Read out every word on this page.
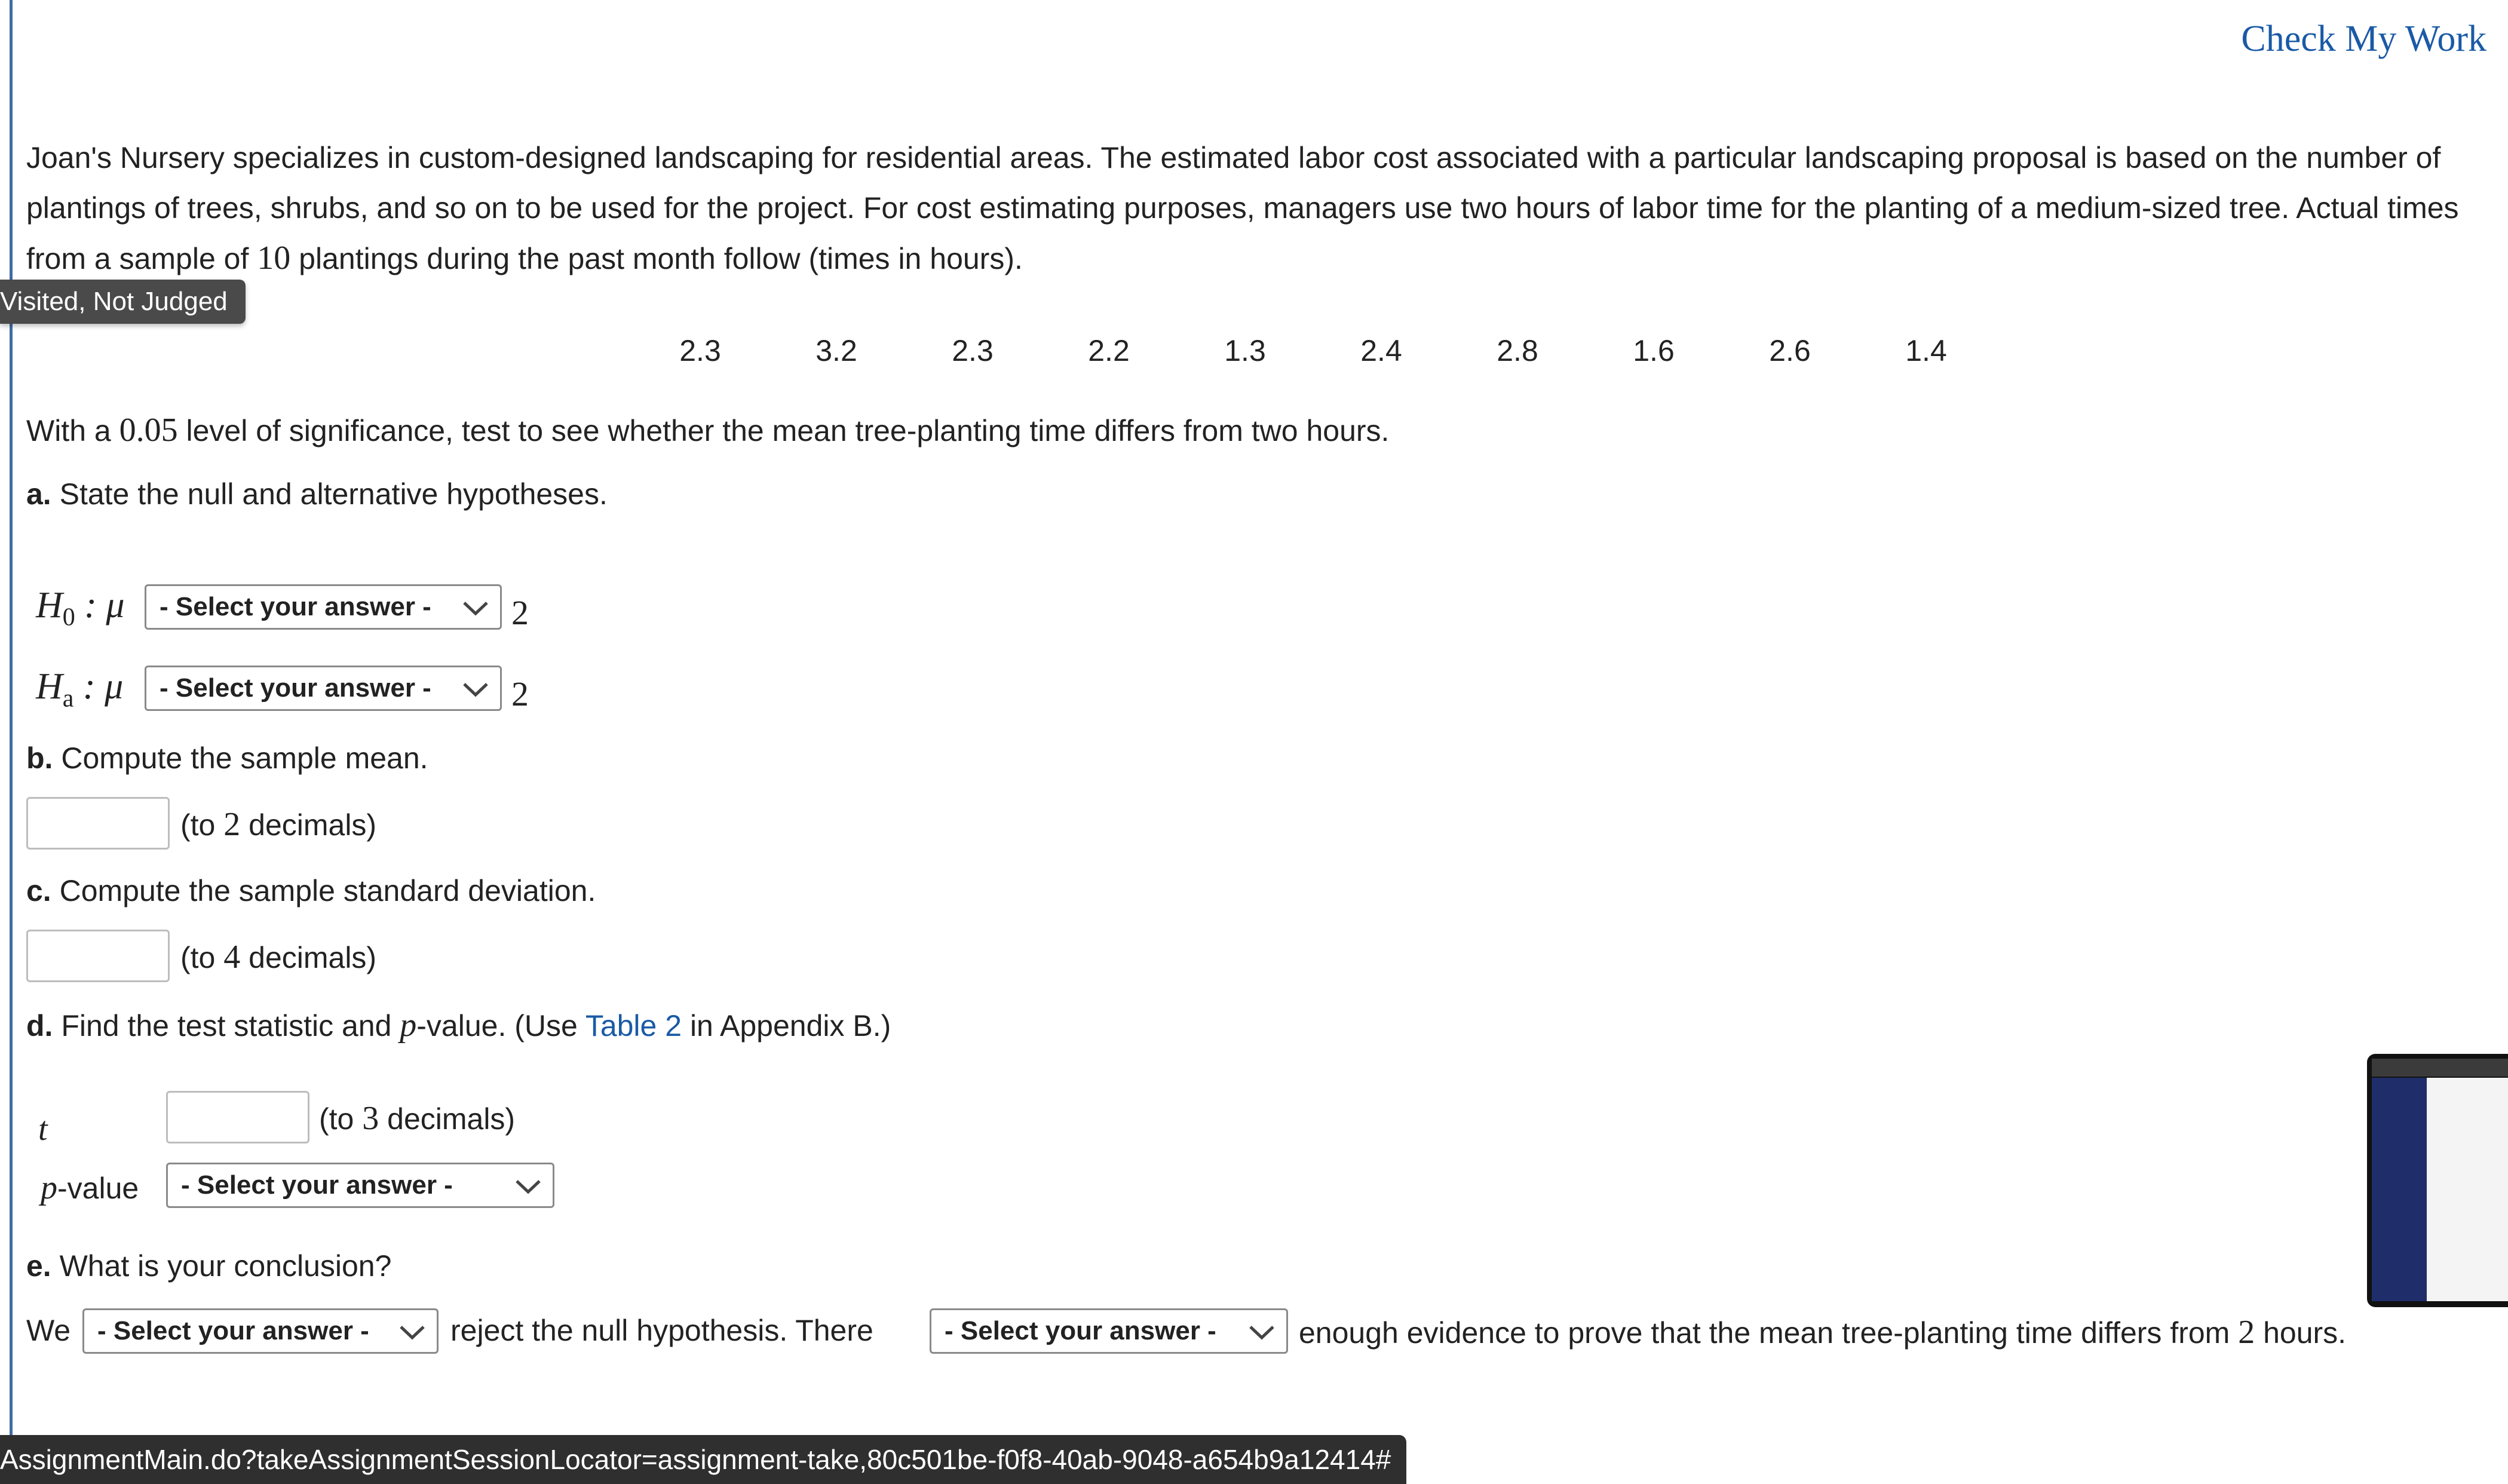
Check My Work
Joan's Nursery specializes in custom-designed landscaping for residential areas. The estimated labor cost associated with a particular landscaping proposal is based on the number of plantings of trees, shrubs, and so on to be used for the project. For cost estimating purposes, managers use two hours of labor time for the planting of a medium-sized tree. Actual times from a sample of 10 plantings during the past month follow (times in hours).
Visited, Not Judged
2.3	3.2	2.3	2.2	1.3	2.4	2.8	1.6	2.6	1.4
With a 0.05 level of significance, test to see whether the mean tree-planting time differs from two hours.
a. State the null and alternative hypotheses.
$H_0$ : μ	- Select your answer -	2
$H_a$ : μ	- Select your answer -	2
b. Compute the sample mean.
(to 2 decimals)
c. Compute the sample standard deviation.
(to 4 decimals)
d. Find the test statistic and p-value. (Use Table 2 in Appendix B.)
t	(to 3 decimals)
p-value	- Select your answer -
e. What is your conclusion?
We	- Select your answer -	reject the null hypothesis. There	- Select your answer -	enough evidence to prove that the mean tree-planting time differs from 2 hours.
AssignmentMain.do?takeAssignmentSessionLocator=assignment-take,80c501be-f0f8-40ab-9048-a654b9a12414#
